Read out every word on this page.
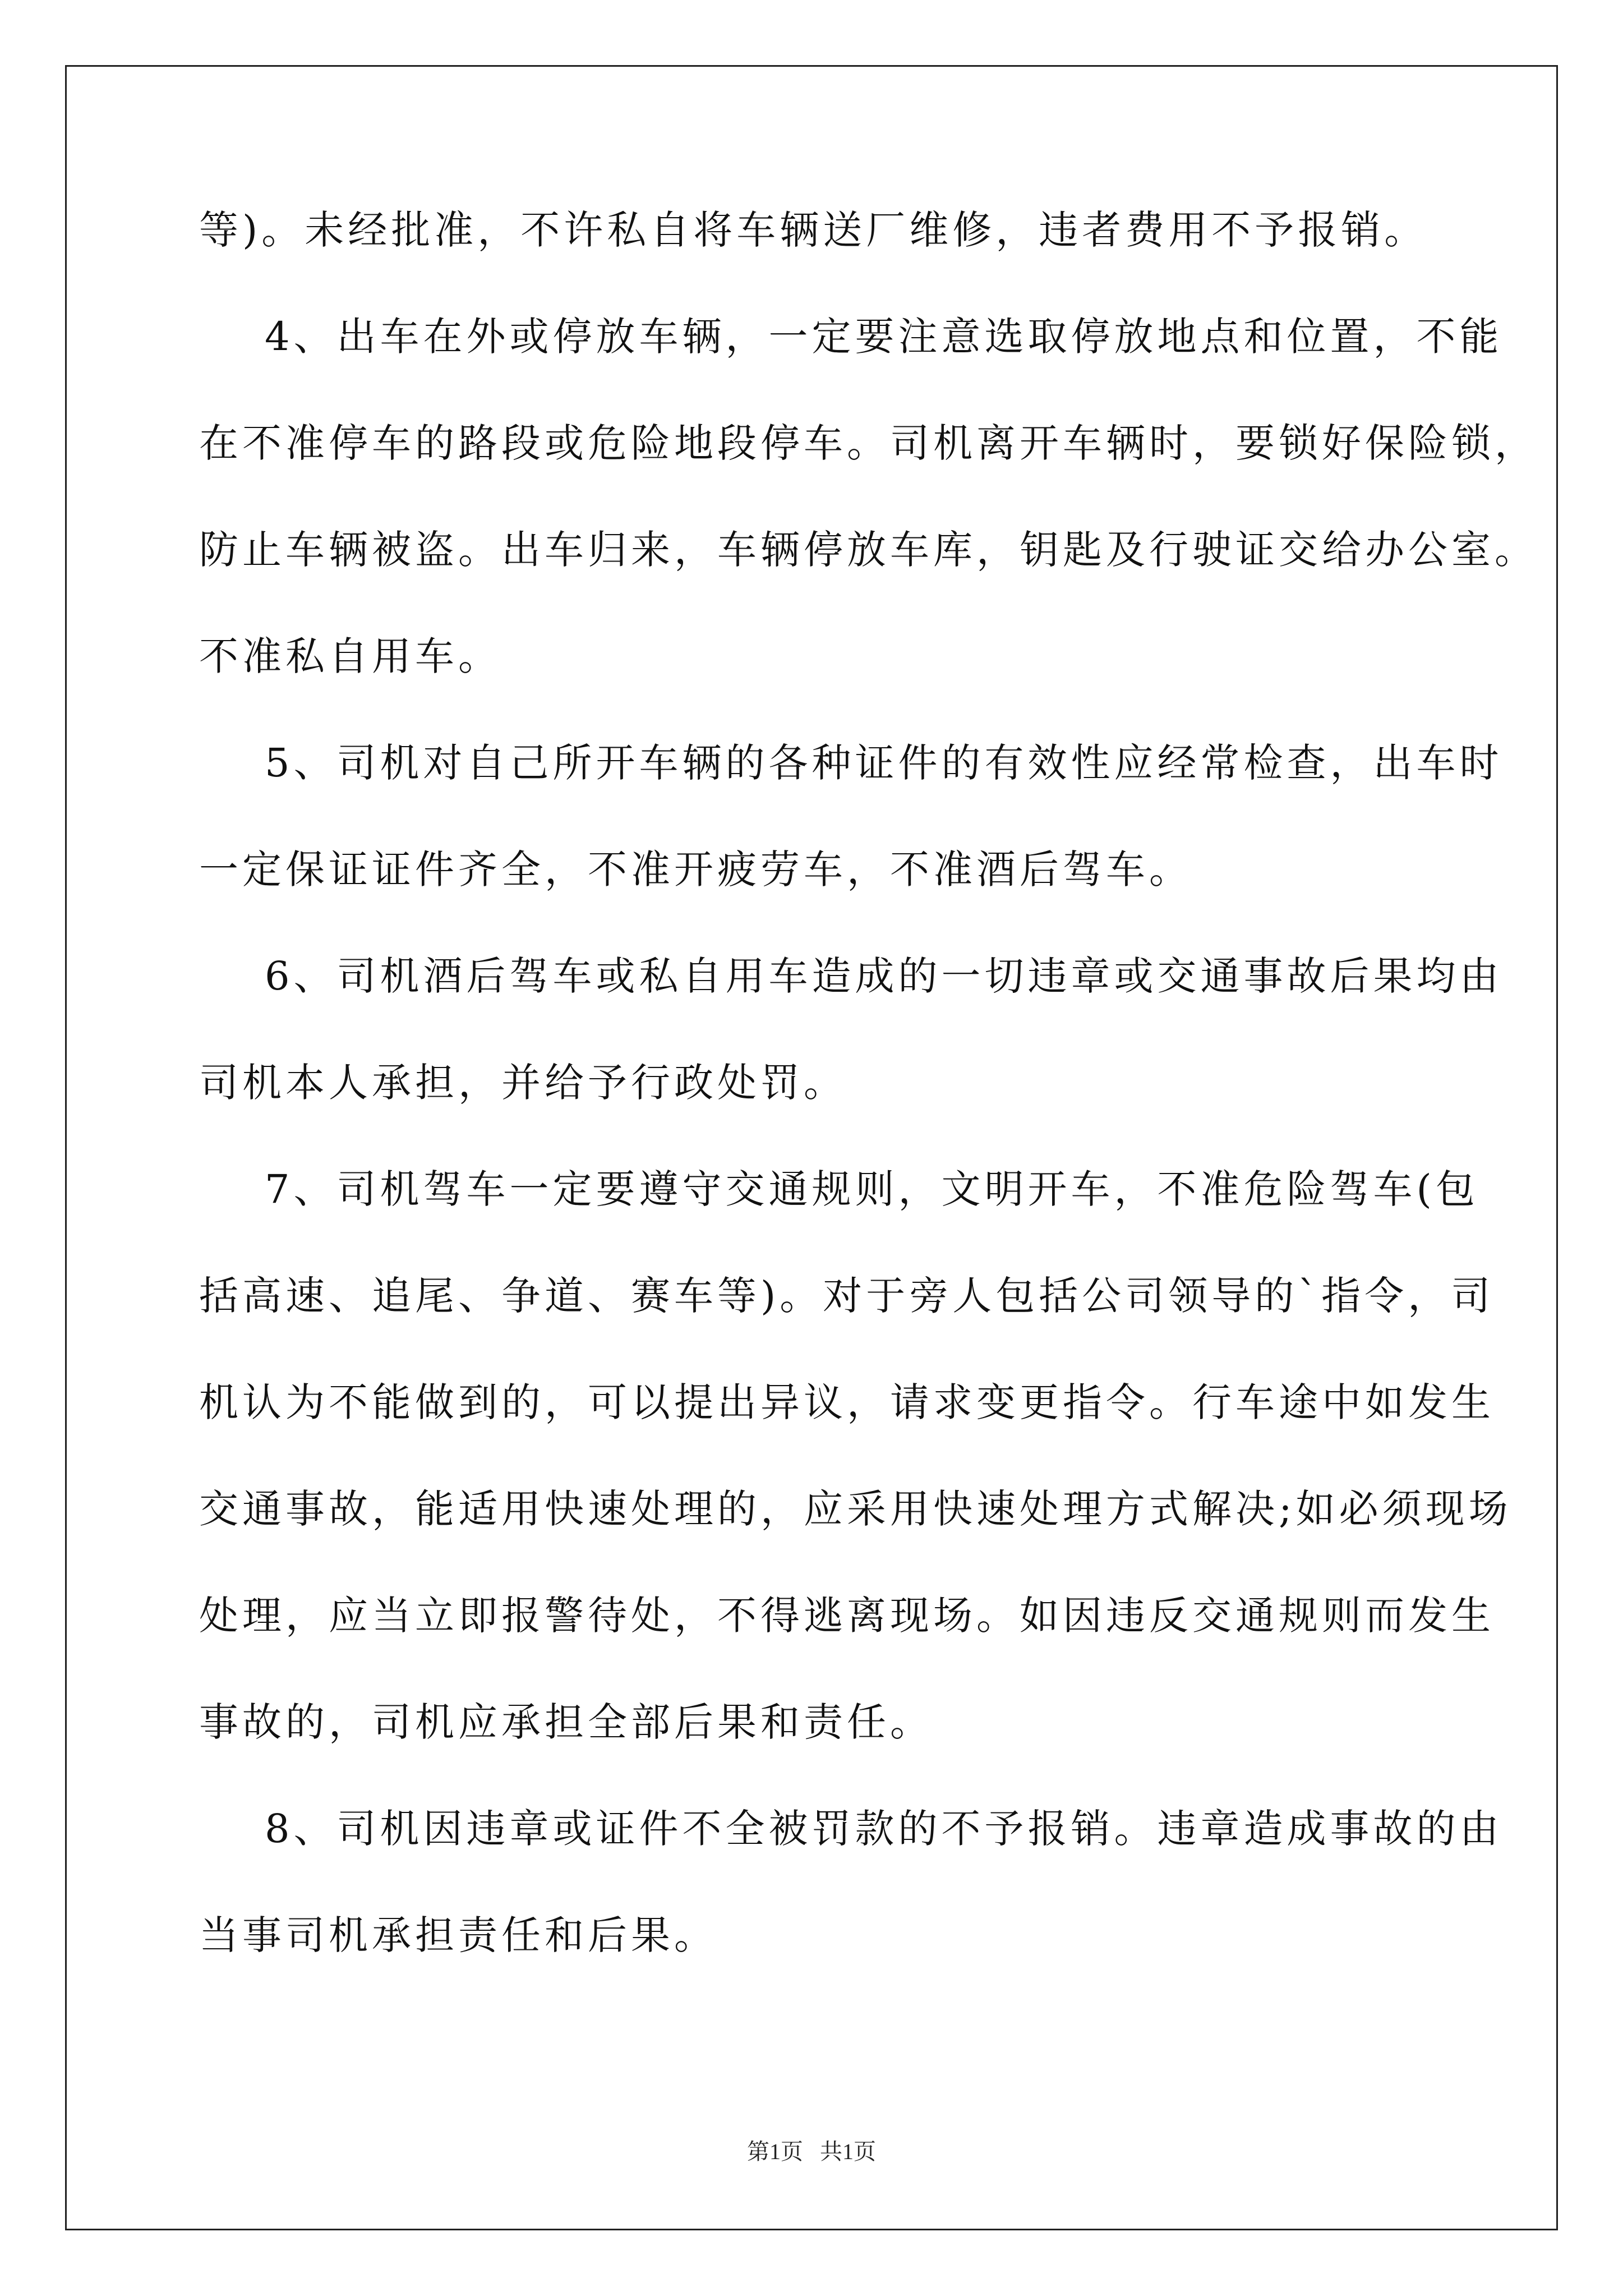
等)。未经批准，不许私自将车辆送厂维修，违者费用不予报销。
4、出车在外或停放车辆，一定要注意选取停放地点和位置，不能
在不准停车的路段或危险地段停车。司机离开车辆时，要锁好保险锁，
防止车辆被盗。出车归来，车辆停放车库，钥匙及行驶证交给办公室。
不准私自用车。
5、司机对自己所开车辆的各种证件的有效性应经常检查，出车时
一定保证证件齐全，不准开疲劳车，不准酒后驾车。
6、司机酒后驾车或私自用车造成的一切违章或交通事故后果均由
司机本人承担，并给予行政处罚。
7、司机驾车一定要遵守交通规则，文明开车，不准危险驾车(包
括高速、追尾、争道、赛车等)。对于旁人包括公司领导的`指令，司
机认为不能做到的，可以提出异议，请求变更指令。行车途中如发生
交通事故，能适用快速处理的，应采用快速处理方式解决;如必须现场
处理，应当立即报警待处，不得逃离现场。如因违反交通规则而发生
事故的，司机应承担全部后果和责任。
8、司机因违章或证件不全被罚款的不予报销。违章造成事故的由
当事司机承担责任和后果。
第1页   共1页
